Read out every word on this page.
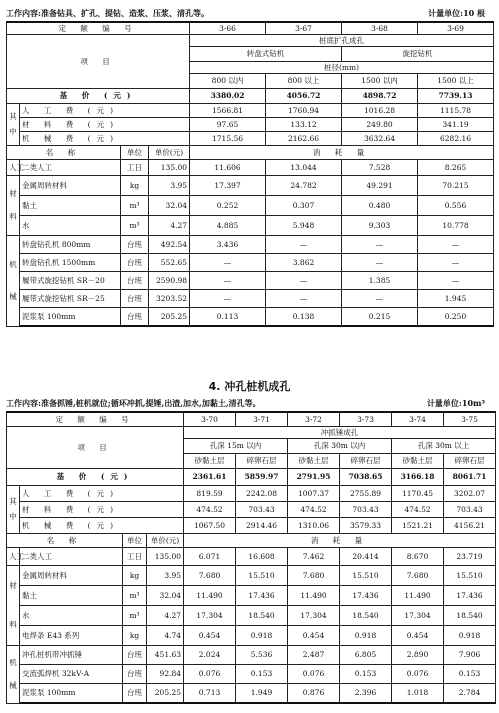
工作内容:准备钻具、扩孔、提钻、造浆、压浆、清孔等。	计量单位:10 根
定 额 编 号				3-66	3-67	3-68	3-69
项 目				桩底扩孔成孔			
				转盘式钻机		旋挖钻机	
				桩径(mm)			
				800 以内	800 以上	1500 以内	1500 以上
基 价 (元)				3380.02	4056.72	4898.72	7739.13
其

中	人 工 费 (元)			1566.81	1760.94	1016.28	1115.78
	材 料 费 (元)			97.65	133.12	249.80	341.19
	机 械 费 (元)			1715.56	2162.66	3632.64	6282.16
名 称		单位	单价(元)	消 耗 量			
人工	二类人工	工日	135.00	11.606	13.044	7.528	8.265
材

料	金属周转材料	kg	3.95	17.397	24.782	49.291	70.215
	黏土	m³	32.04	0.252	0.307	0.480	0.556
	水	m³	4.27	4.885	5.948	9.303	10.778
机

械	转盘钻孔机 800mm	台班	492.54	3.436	—	—	—
	转盘钻孔机 1500mm	台班	552.65	—	3.862	—	—
	履带式旋挖钻机 SR－20	台班	2590.98	—	—	1.385	—
	履带式旋挖钻机 SR－25	台班	3203.52	—	—	—	1.945
	泥浆泵 100mm	台班	205.25	0.113	0.138	0.215	0.250
4. 冲孔桩机成孔
工作内容:准备抓锤,桩机就位;循环冲抓,提锤,出渣,加水,加黏土,清孔等。	计量单位:10m³
定 额 编 号				3-70	3-71	3-72	3-73	3-74	3-75
项 目				冲抓锤成孔					
				孔深 15m 以内		孔深 30m 以内		孔深 30m 以上	
				砂黏土层	碎卵石层	砂黏土层	碎卵石层	砂黏土层	碎卵石层
基 价 (元)				2361.61	5859.97	2791.95	7038.65	3166.18	8061.71
其

中	人 工 费 (元)			819.59	2242.08	1007.37	2755.89	1170.45	3202.07
	材 料 费 (元)			474.52	703.43	474.52	703.43	474.52	703.43
	机 械 费 (元)			1067.50	2914.46	1310.06	3579.33	1521.21	4156.21
名 称		单位	单价(元)	消 耗 量					
人工	二类人工	工日	135.00	6.071	16.608	7.462	20.414	8.670	23.719
材

料	金属周转材料	kg	3.95	7.680	15.510	7.680	15.510	7.680	15.510
	黏土	m³	32.04	11.490	17.436	11.490	17.436	11.490	17.436
	水	m³	4.27	17.304	18.540	17.304	18.540	17.304	18.540
	电焊条 E43 系列	kg	4.74	0.454	0.918	0.454	0.918	0.454	0.918
机

械	冲孔桩机带冲抓锤	台班	451.63	2.024	5.536	2.487	6.805	2.890	7.906
	交流弧焊机 32kV·A	台班	92.84	0.076	0.153	0.076	0.153	0.076	0.153
	泥浆泵 100mm	台班	205.25	0.713	1.949	0.876	2.396	1.018	2.784
